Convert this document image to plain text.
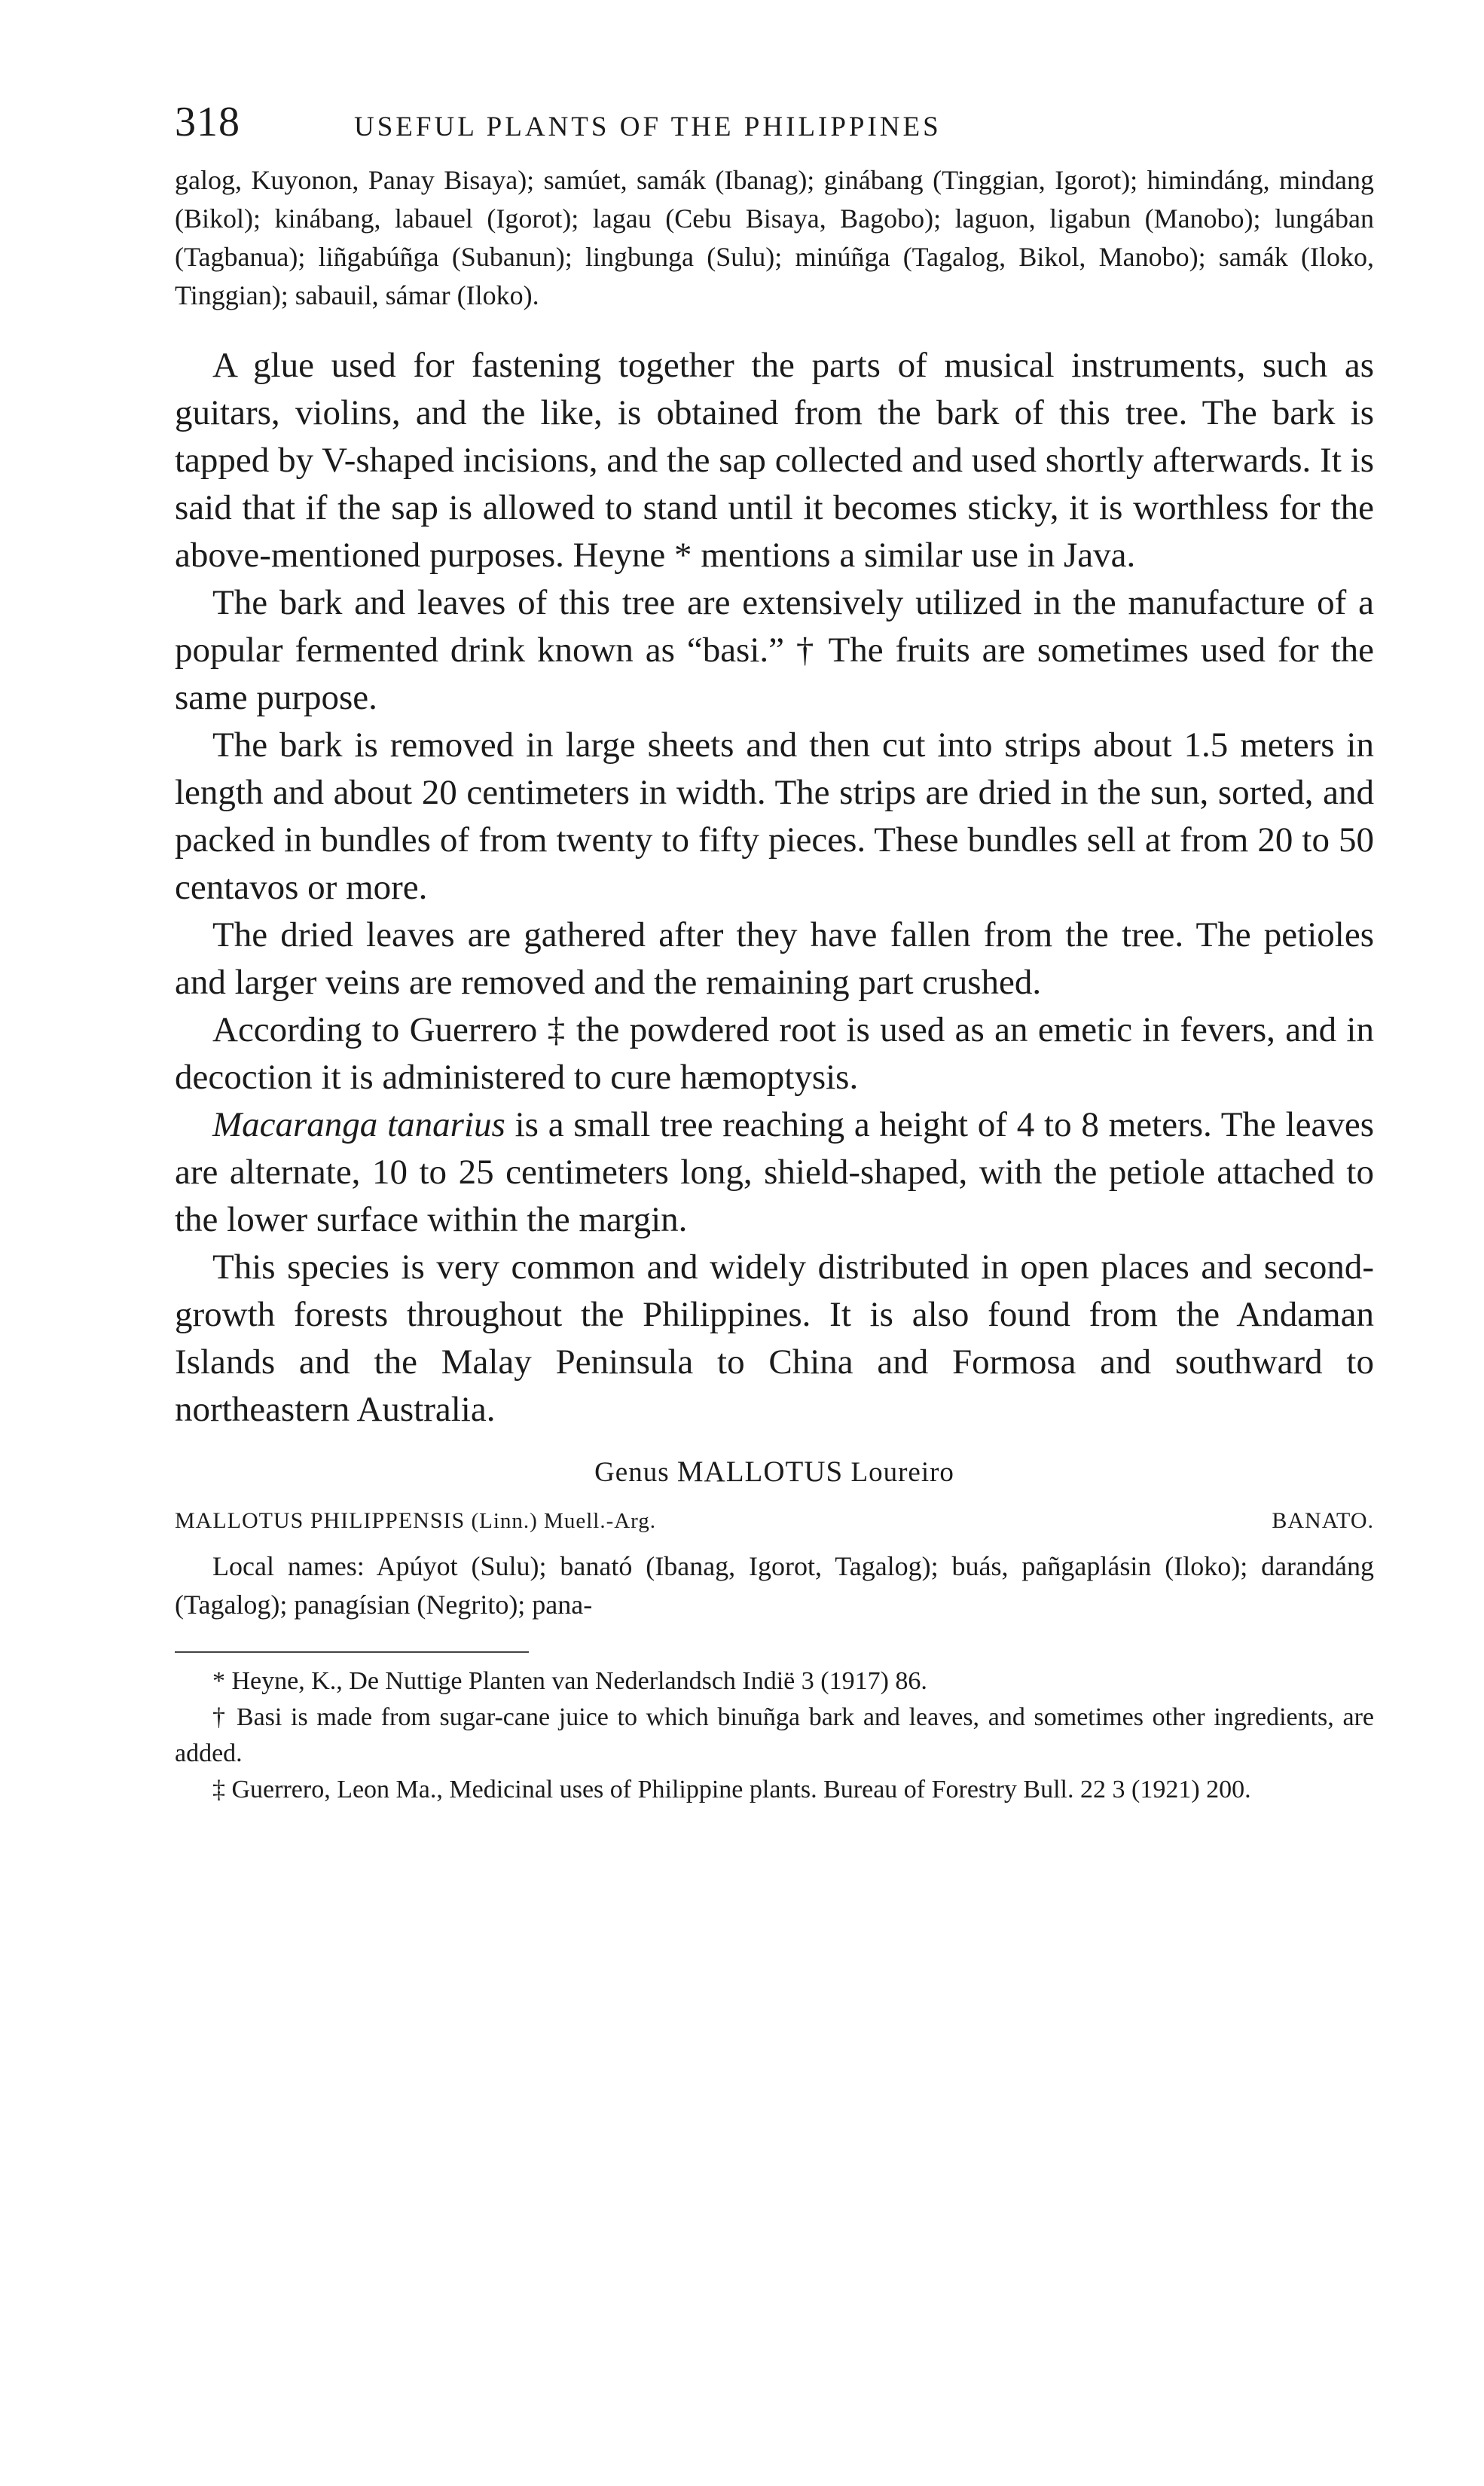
318	USEFUL PLANTS OF THE PHILIPPINES

galog, Kuyonon, Panay Bisaya); samúet, samák (Ibanag); ginábang (Tinggian, Igorot); himindáng, mindang (Bikol); kinábang, labauel (Igorot); lagau (Cebu Bisaya, Bagobo); laguon, ligabun (Manobo); lungában (Tagbanua); liñgabúñga (Subanun); lingbunga (Sulu); minúñga (Tagalog, Bikol, Manobo); samák (Iloko, Tinggian); sabauil, sámar (Iloko).

A glue used for fastening together the parts of musical instruments, such as guitars, violins, and the like, is obtained from the bark of this tree. The bark is tapped by V-shaped incisions, and the sap collected and used shortly afterwards. It is said that if the sap is allowed to stand until it becomes sticky, it is worthless for the above-mentioned purposes. Heyne * mentions a similar use in Java.

The bark and leaves of this tree are extensively utilized in the manufacture of a popular fermented drink known as “basi.” † The fruits are sometimes used for the same purpose.

The bark is removed in large sheets and then cut into strips about 1.5 meters in length and about 20 centimeters in width. The strips are dried in the sun, sorted, and packed in bundles of from twenty to fifty pieces. These bundles sell at from 20 to 50 centavos or more.

The dried leaves are gathered after they have fallen from the tree. The petioles and larger veins are removed and the remaining part crushed.

According to Guerrero ‡ the powdered root is used as an emetic in fevers, and in decoction it is administered to cure hæmoptysis.

Macaranga tanarius is a small tree reaching a height of 4 to 8 meters. The leaves are alternate, 10 to 25 centimeters long, shield-shaped, with the petiole attached to the lower surface within the margin.

This species is very common and widely distributed in open places and second-growth forests throughout the Philippines. It is also found from the Andaman Islands and the Malay Peninsula to China and Formosa and southward to northeastern Australia.

Genus MALLOTUS Loureiro
MALLOTUS PHILIPPENSIS (Linn.) Muell.-Arg.	BANATO.

Local names: Apúyot (Sulu); banató (Ibanag, Igorot, Tagalog); buás, pañgaplásin (Iloko); darandáng (Tagalog); panagísian (Negrito); pana-

* Heyne, K., De Nuttige Planten van Nederlandsch Indië 3 (1917) 86.

† Basi is made from sugar-cane juice to which binuñga bark and leaves, and sometimes other ingredients, are added.

‡ Guerrero, Leon Ma., Medicinal uses of Philippine plants. Bureau of Forestry Bull. 22 3 (1921) 200.
